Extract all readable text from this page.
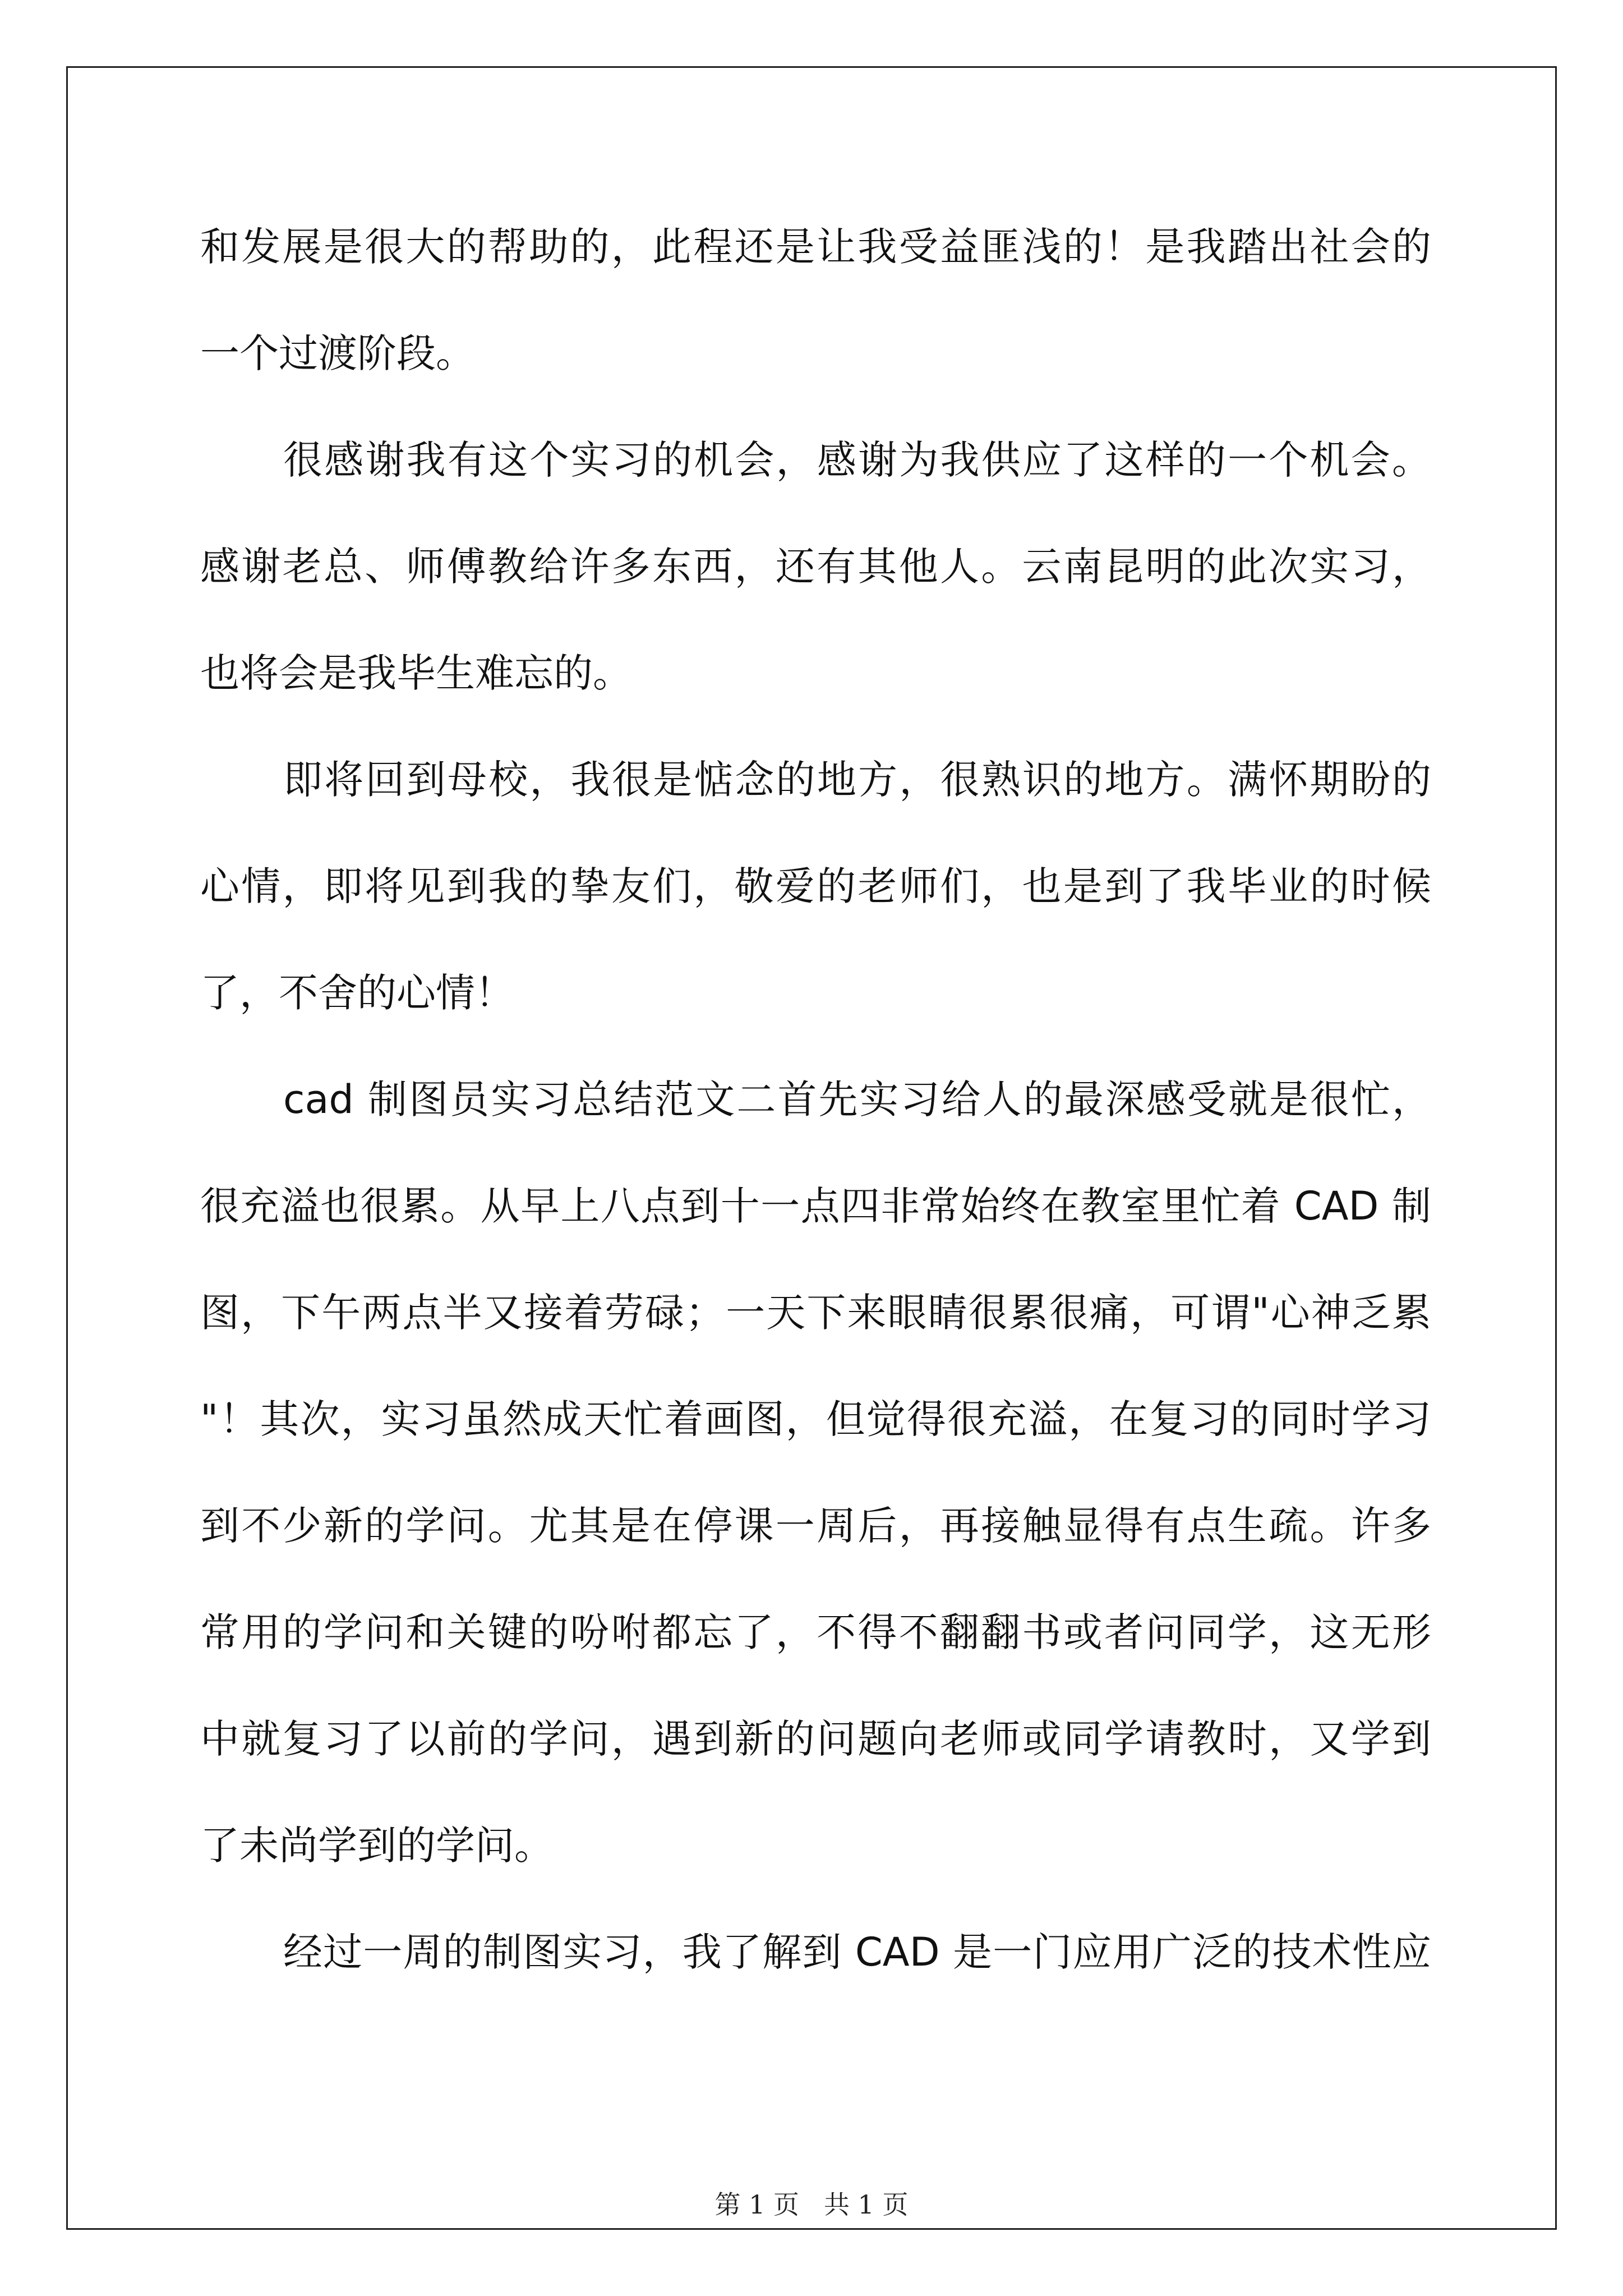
和发展是很大的帮助的，此程还是让我受益匪浅的！是我踏出社会的
一个过渡阶段。
很感谢我有这个实习的机会，感谢为我供应了这样的一个机会。
感谢老总、师傅教给许多东西，还有其他人。云南昆明的此次实习，
也将会是我毕生难忘的。
即将回到母校，我很是惦念的地方，很熟识的地方。满怀期盼的
心情，即将见到我的挚友们，敬爱的老师们，也是到了我毕业的时候
了，不舍的心情！
cad 制图员实习总结范文二首先实习给人的最深感受就是很忙，
很充溢也很累。从早上八点到十一点四非常始终在教室里忙着 CAD 制
图，下午两点半又接着劳碌；一天下来眼睛很累很痛，可谓"心神乏累
"！其次，实习虽然成天忙着画图，但觉得很充溢，在复习的同时学习
到不少新的学问。尤其是在停课一周后，再接触显得有点生疏。许多
常用的学问和关键的吩咐都忘了，不得不翻翻书或者问同学，这无形
中就复习了以前的学问，遇到新的问题向老师或同学请教时，又学到
了未尚学到的学问。
经过一周的制图实习，我了解到 CAD 是一门应用广泛的技术性应
第 1 页 共 1 页
